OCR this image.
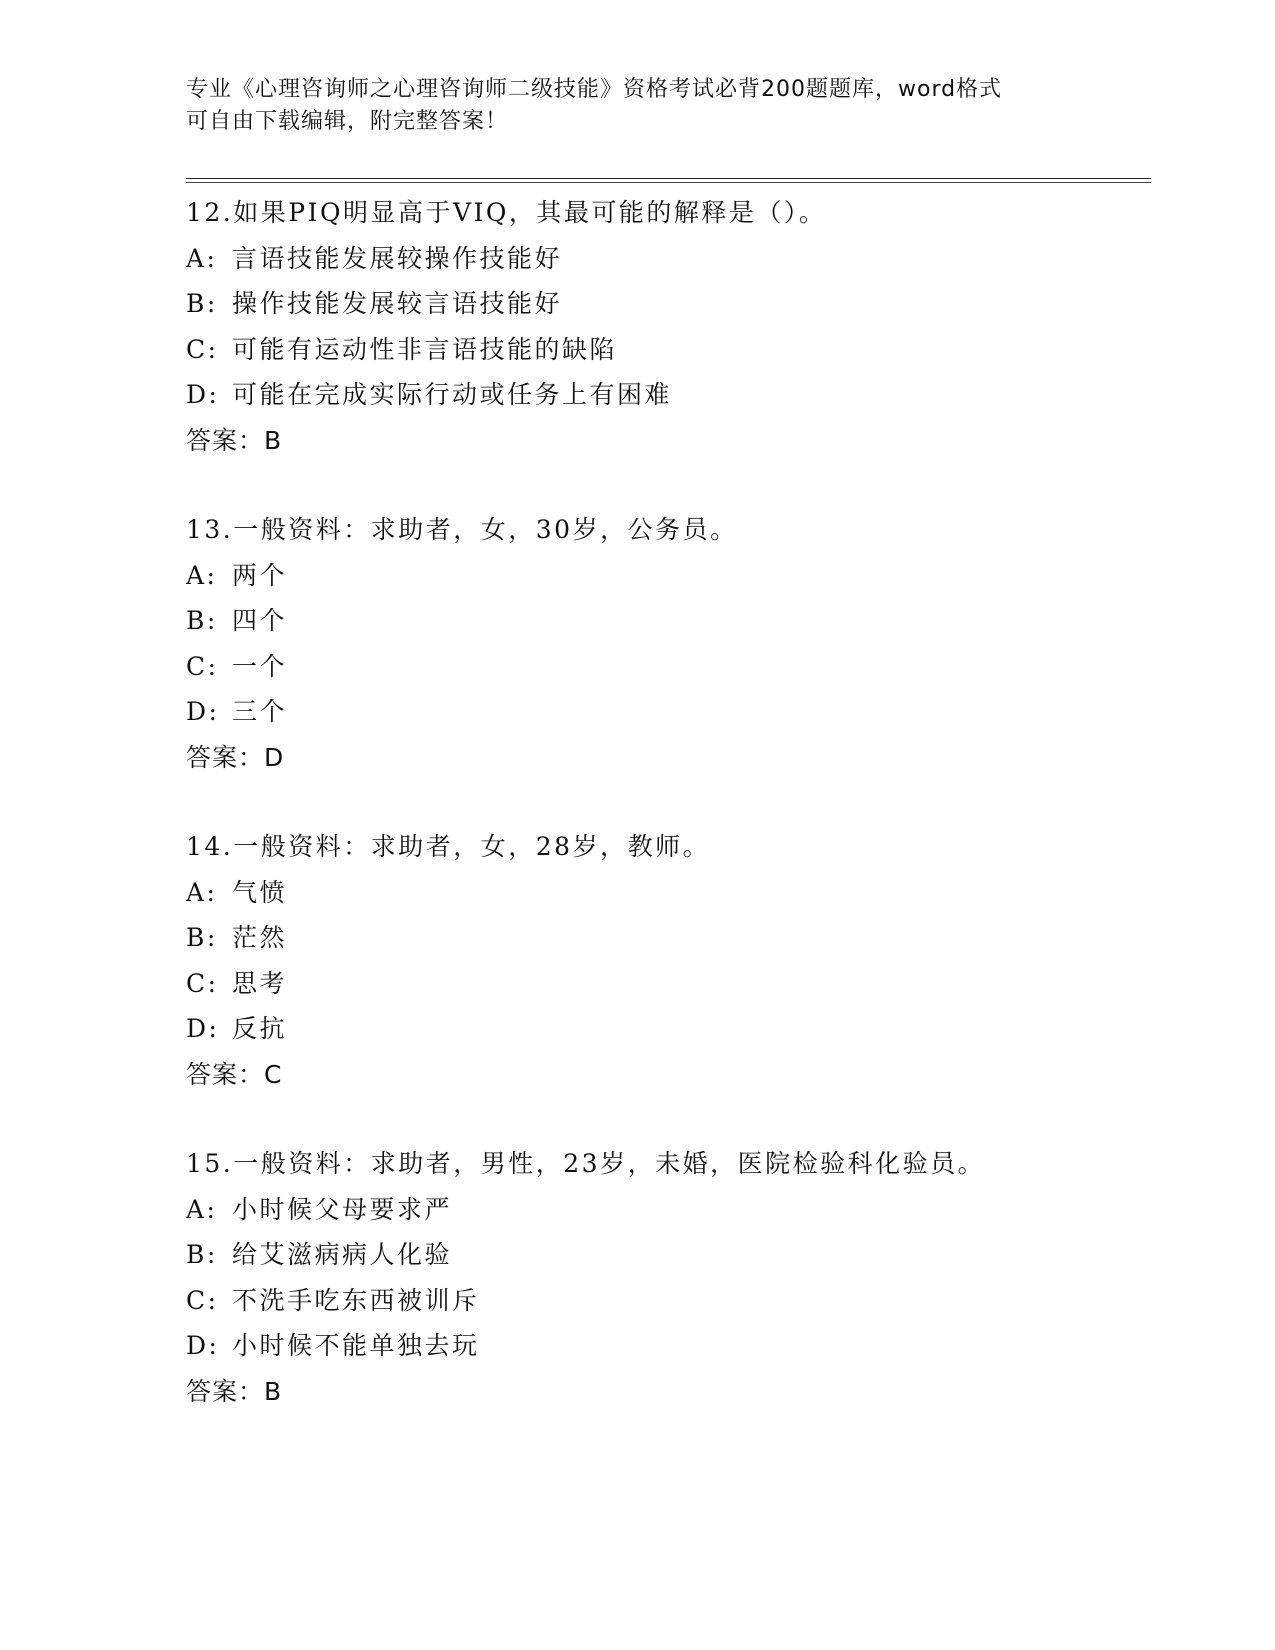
专业《心理咨询师之心理咨询师二级技能》资格考试必背200题题库，word格式
可自由下载编辑，附完整答案！
12.如果PIQ明显高于VIQ，其最可能的解释是（）。
A: 言语技能发展较操作技能好
B: 操作技能发展较言语技能好
C: 可能有运动性非言语技能的缺陷
D: 可能在完成实际行动或任务上有困难
答案：B
13.一般资料：求助者，女，30岁，公务员。
A: 两个
B: 四个
C: 一个
D: 三个
答案：D
14.一般资料：求助者，女，28岁，教师。
A: 气愤
B: 茫然
C: 思考
D: 反抗
答案：C
15.一般资料：求助者，男性，23岁，未婚，医院检验科化验员。
A: 小时候父母要求严
B: 给艾滋病病人化验
C: 不洗手吃东西被训斥
D: 小时候不能单独去玩
答案：B
